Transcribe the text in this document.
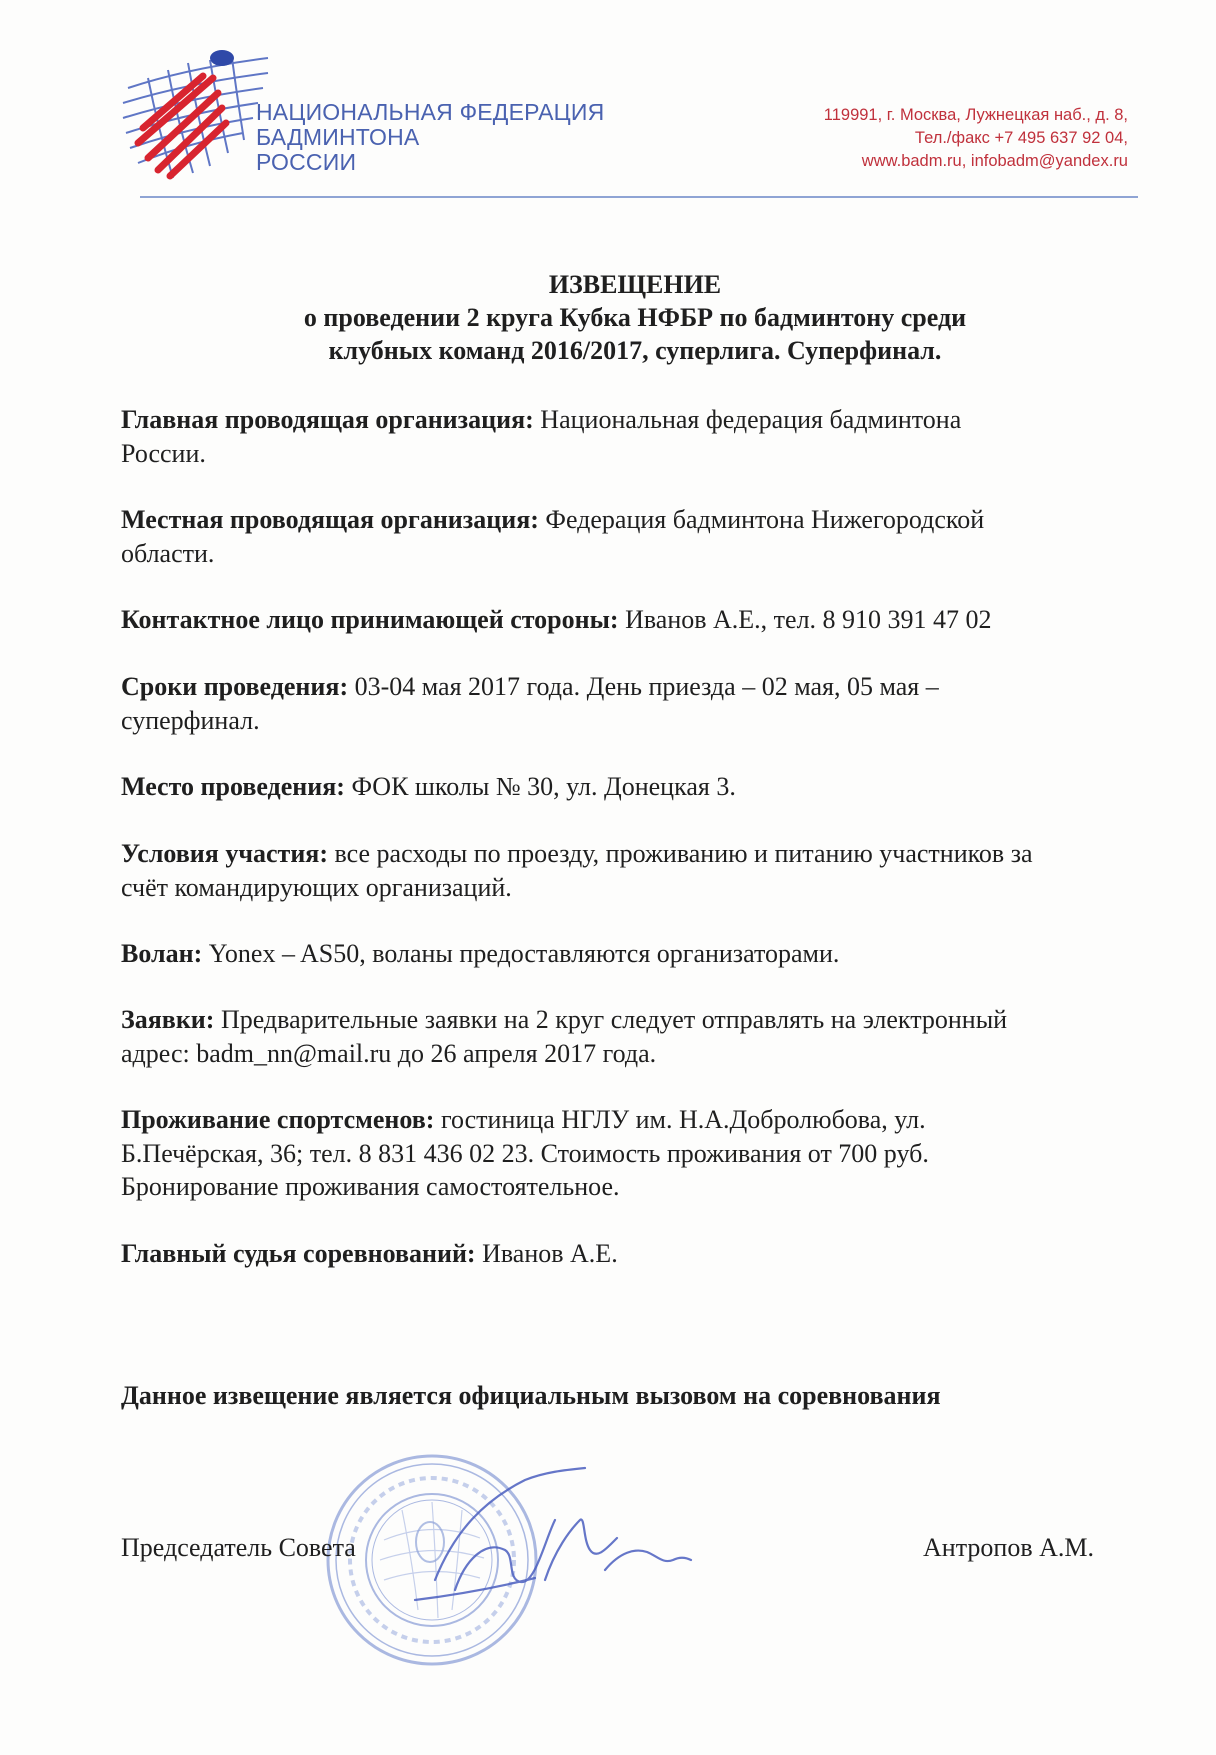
НАЦИОНАЛЬНАЯ ФЕДЕРАЦИЯ
БАДМИНТОНА
РОССИИ
119991, г. Москва, Лужнецкая наб., д. 8,
Тел./факс +7 495 637 92 04,
www.badm.ru, infobadm@yandex.ru
ИЗВЕЩЕНИЕ
о проведении 2 круга Кубка НФБР по бадминтону среди
клубных команд 2016/2017, суперлига. Суперфинал.
Главная проводящая организация: Национальная федерация бадминтона
России.
Местная проводящая организация: Федерация бадминтона Нижегородской
области.
Контактное лицо принимающей стороны: Иванов А.Е., тел. 8 910 391 47 02
Сроки проведения: 03-04 мая 2017 года. День приезда – 02 мая, 05 мая –
суперфинал.
Место проведения: ФОК школы № 30, ул. Донецкая 3.
Условия участия: все расходы по проезду, проживанию и питанию участников за
счёт командирующих организаций.
Волан: Yonex – AS50, воланы предоставляются организаторами.
Заявки: Предварительные заявки на 2 круг следует отправлять на электронный
адрес: badm_nn@mail.ru до 26 апреля 2017 года.
Проживание спортсменов: гостиница НГЛУ им. Н.А.Добролюбова, ул.
Б.Печёрская, 36; тел. 8 831 436 02 23. Стоимость проживания от 700 руб.
Бронирование проживания самостоятельное.
Главный судья соревнований: Иванов А.Е.
Данное извещение является официальным вызовом на соревнования
Председатель Совета	Антропов А.М.
